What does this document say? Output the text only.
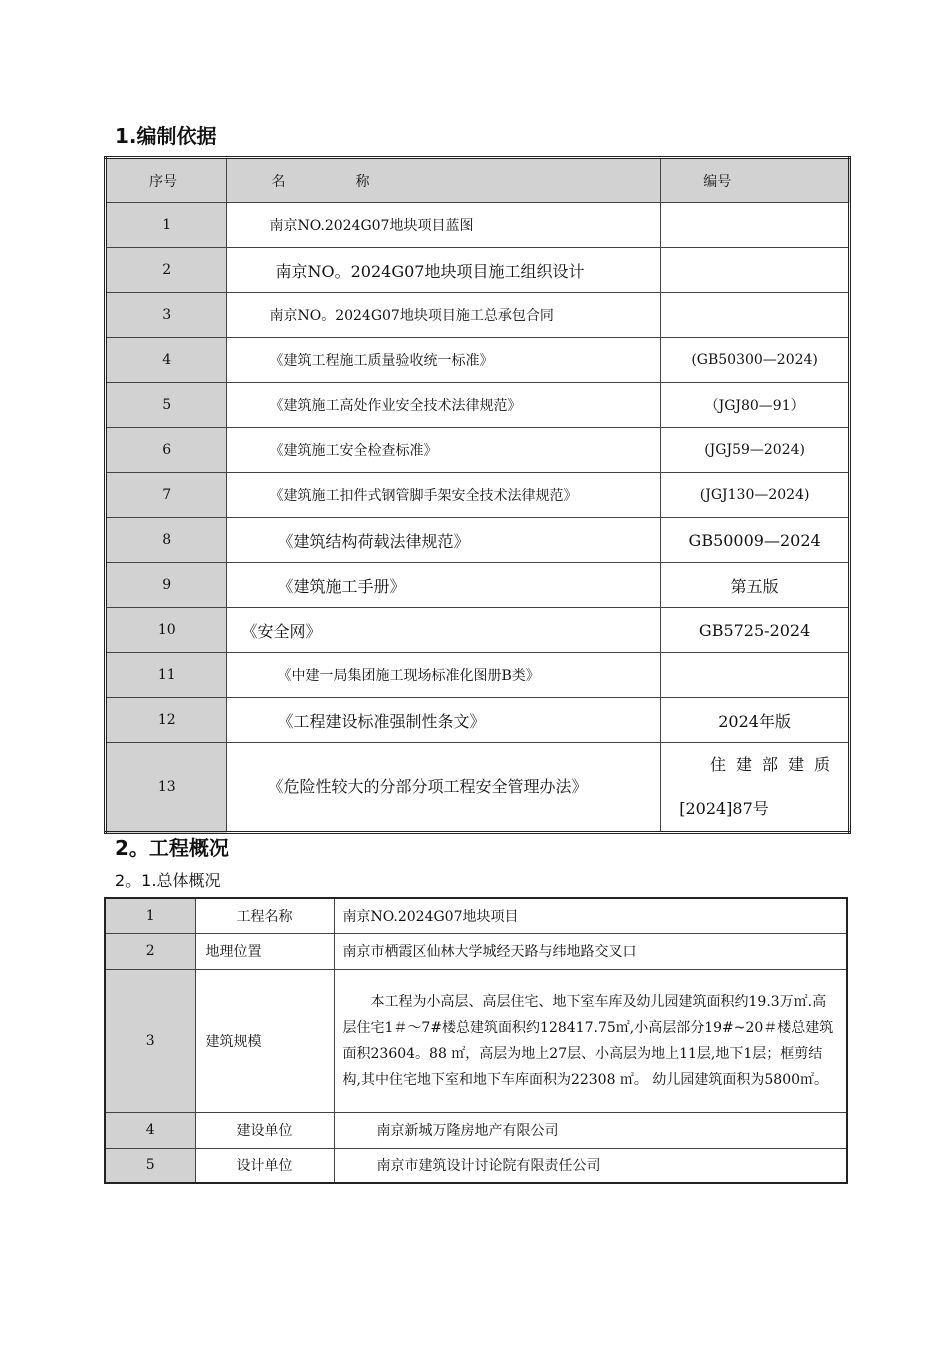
1.编制依据
序号	名 称	编号
1	南京NO.2024G07地块项目蓝图	
2	南京NO。2024G07地块项目施工组织设计	
3	南京NO。2024G07地块项目施工总承包合同	
4	《建筑工程施工质量验收统一标准》	(GB50300—2024)
5	《建筑施工高处作业安全技术法律规范》	（JGJ80—91）
6	《建筑施工安全检查标准》	(JGJ59—2024)
7	《建筑施工扣件式钢管脚手架安全技术法律规范》	(JGJ130—2024)
8	《建筑结构荷载法律规范》	GB50009—2024
9	《建筑施工手册》	第五版
10	《安全网》	GB5725-2024
11	《中建一局集团施工现场标准化图册B类》	
12	《工程建设标准强制性条文》	2024年版
13	《危险性较大的分部分项工程安全管理办法》	住建部建质
[2024]87号
2。工程概况
2。1.总体概况
1	工程名称	南京NO.2024G07地块项目
2	地理位置	南京市栖霞区仙林大学城经天路与纬地路交叉口
3	建筑规模	本工程为小高层、高层住宅、地下室车库及幼儿园建筑面积约19.3万㎡.高层住宅1＃～7#楼总建筑面积约128417.75㎡,小高层部分19#~20＃楼总建筑面积23604。88 ㎡，高层为地上27层、小高层为地上11层,地下1层；框剪结构,其中住宅地下室和地下车库面积为22308 ㎡。 幼儿园建筑面积为5800㎡。
4	建设单位	南京新城万隆房地产有限公司
5	设计单位	南京市建筑设计讨论院有限责任公司
